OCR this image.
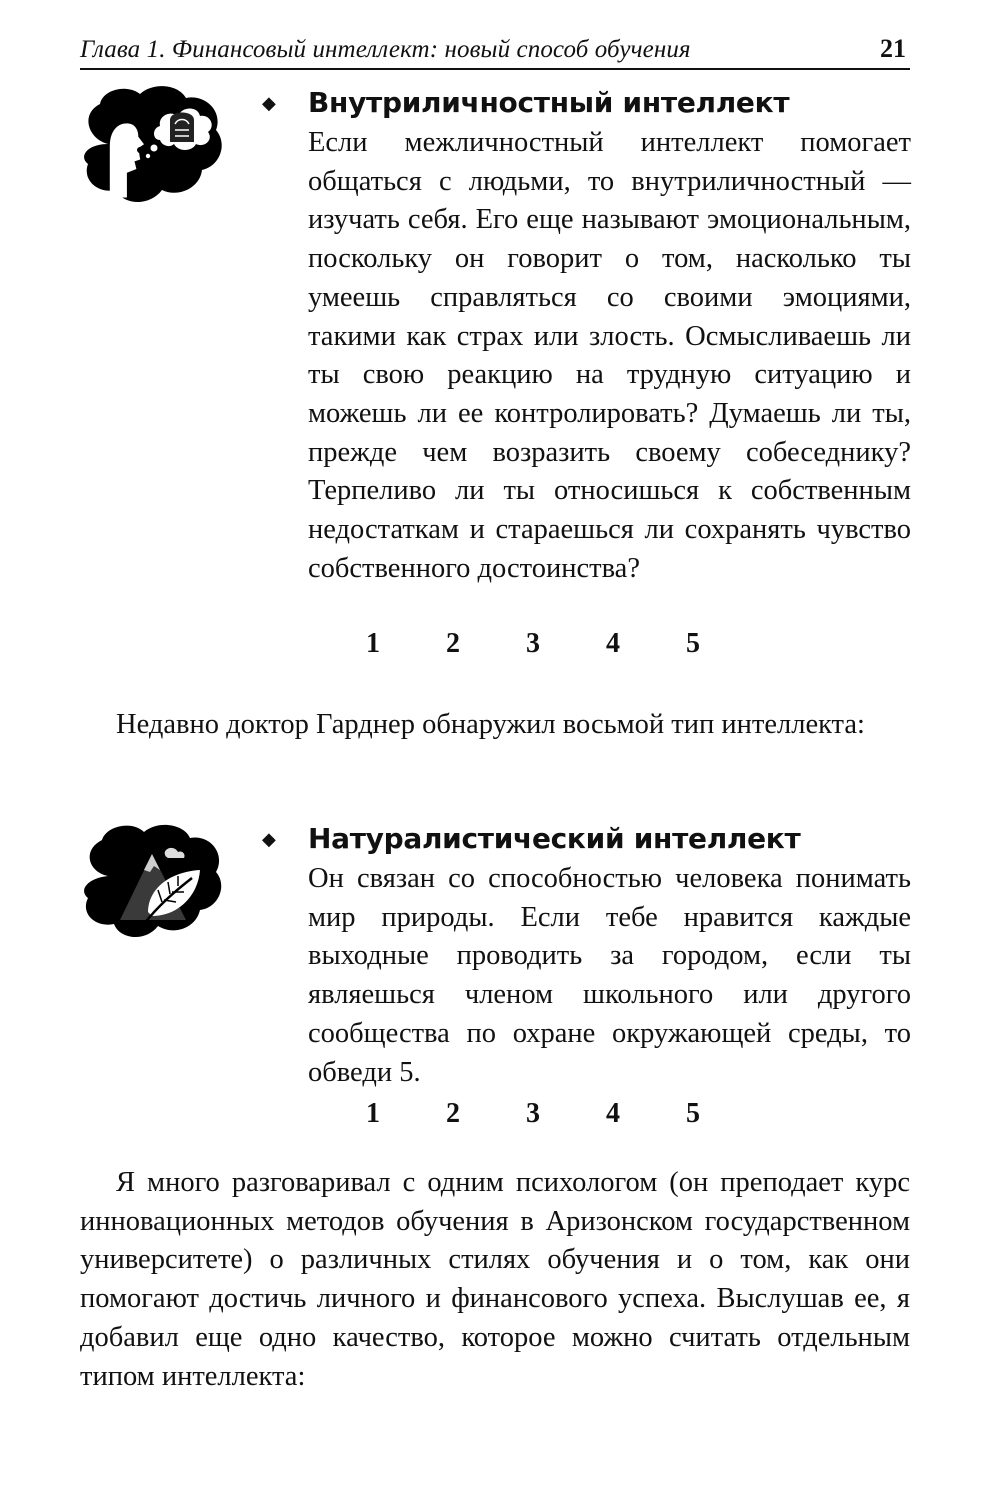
Глава 1. Финансовый интеллект: новый способ обучения	21
◆ Внутриличностный интеллект
Если межличностный интеллект помогает общаться с людьми, то внутриличностный — изучать себя. Его еще называют эмоциональным, поскольку он говорит о том, насколько ты умеешь справляться со своими эмоциями, такими как страх или злость. Осмысливаешь ли ты свою реакцию на трудную ситуацию и можешь ли ее контролировать? Думаешь ли ты, прежде чем возразить своему собеседнику? Терпеливо ли ты относишься к собственным недостаткам и стараешься ли сохранять чувство собственного достоинства?
1	2	3	4	5
Недавно доктор Гарднер обнаружил восьмой тип интеллекта:
◆ Натуралистический интеллект
Он связан со способностью человека понимать мир природы. Если тебе нравится каждые выходные проводить за городом, если ты являешься членом школьного или другого сообщества по охране окружающей среды, то обведи 5.
1	2	3	4	5
Я много разговаривал с одним психологом (он преподает курс инновационных методов обучения в Аризонском государственном университете) о различных стилях обучения и о том, как они помогают достичь личного и финансового успеха. Выслушав ее, я добавил еще одно качество, которое можно считать отдельным типом интеллекта:
